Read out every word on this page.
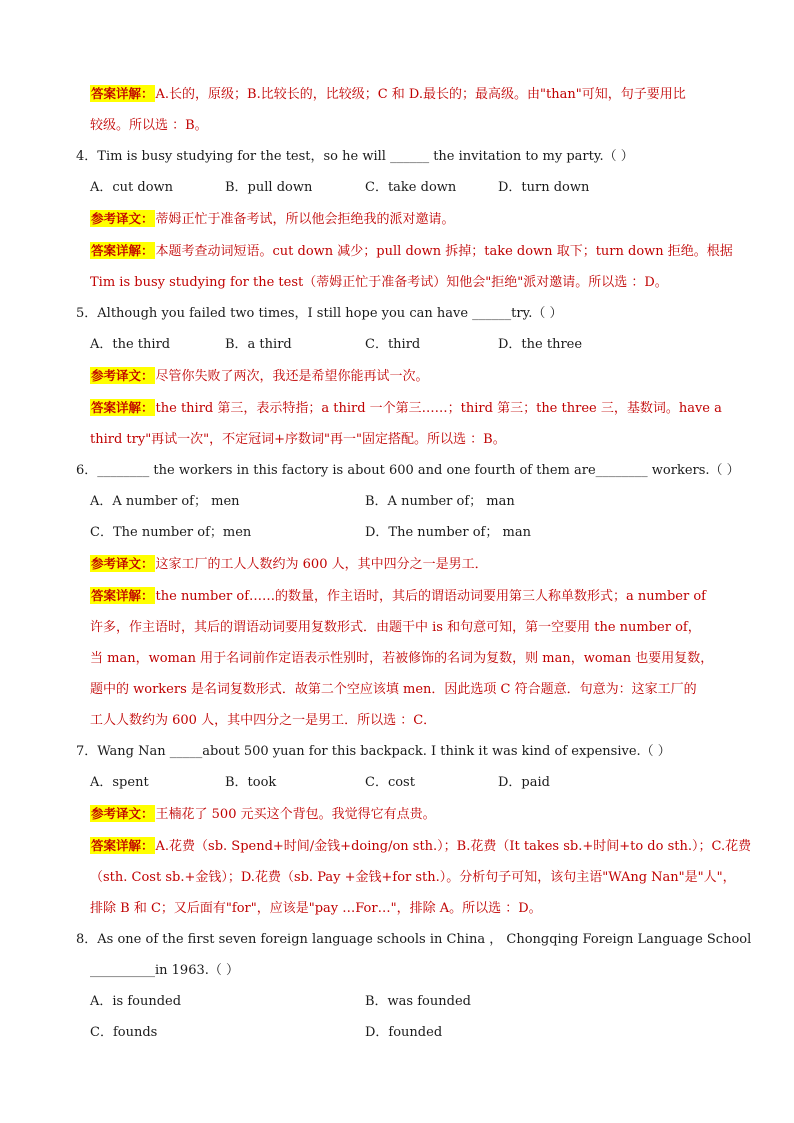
答案详解： A.长的，原级；B.比较长的，比较级；C 和 D.最长的；最高级。由"than"可知，句子要用比
较级。所以选 ：B。
4．Tim is busy studying for the test，so he will ______ the invitation to my party.（ ）
A．cut down	B．pull down	C．take down	D．turn down
参考译文： 蒂姆正忙于准备考试，所以他会拒绝我的派对邀请。
答案详解： 本题考查动词短语。cut down 减少；pull down 拆掉；take down 取下；turn down 拒绝。根据
Tim is busy studying for the test（蒂姆正忙于准备考试）知他会"拒绝"派对邀请。所以选 ：D。
5．Although you failed two times，I still hope you can have ______try.（ ）
A．the third	B．a third	C．third	D．the three
参考译文： 尽管你失败了两次，我还是希望你能再试一次。
答案详解： the third 第三，表示特指；a third 一个第三……；third 第三；the three 三，基数词。have a
third try"再试一次"，不定冠词+序数词"再一"固定搭配。所以选 ：B。
6．________ the workers in this factory is about 600 and one fourth of them are________ workers.（ ）
A．A number of； men	B．A number of； man
C．The number of；men	D．The number of； man
参考译文： 这家工厂的工人人数约为 600 人，其中四分之一是男工．
答案详解： the number of……的数量，作主语时，其后的谓语动词要用第三人称单数形式；a number of
许多，作主语时，其后的谓语动词要用复数形式．由题干中 is 和句意可知，第一空要用 the number of，
当 man，woman 用于名词前作定语表示性别时，若被修饰的名词为复数，则 man，woman 也要用复数，
题中的 workers 是名词复数形式．故第二个空应该填 men．因此选项 C 符合题意．句意为：这家工厂的
工人人数约为 600 人，其中四分之一是男工．所以选 ：C．
7．Wang Nan _____about 500 yuan for this backpack. I think it was kind of expensive.（ ）
A．spent	B．took	C．cost	D．paid
参考译文： 王楠花了 500 元买这个背包。我觉得它有点贵。
答案详解： A.花费（sb. Spend+时间/金钱+doing/on sth.）；B.花费（It takes sb.+时间+to do sth.）；C.花费
（sth. Cost sb.+金钱）；D.花费（sb. Pay +金钱+for sth.）。分析句子可知，该句主语"WAng Nan"是"人"，
排除 B 和 C；又后面有"for"，应该是"pay …For…"，排除 A。所以选 ：D。
8．As one of the first seven foreign language schools in China ， Chongqing Foreign Language School
__________in 1963.（ ）
A．is founded	B．was founded
C．founds	D．founded
